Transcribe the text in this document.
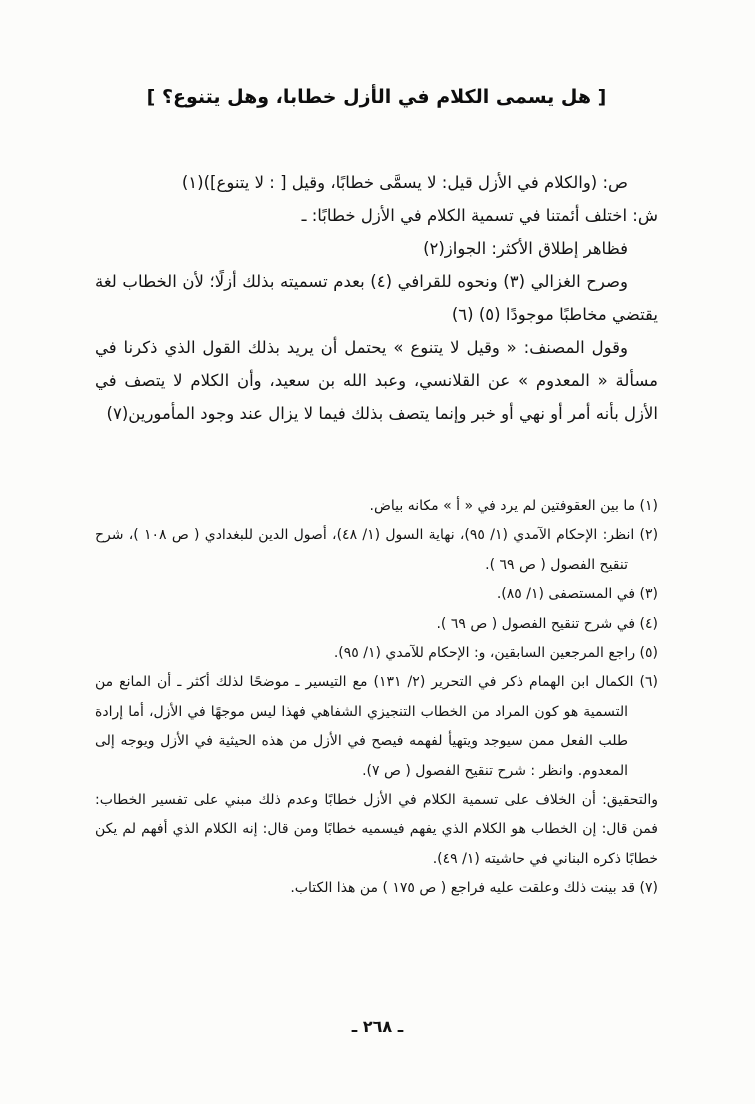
[ هل يسمى الكلام في الأزل خطابا، وهل يتنوع؟ ]

ص: (والكلام في الأزل قيل: لا يسمَّى خطابًا، وقيل [ : لا يتنوع])(١)

ش: اختلف أئمتنا في تسمية الكلام في الأزل خطابًا: ـ

فظاهر إطلاق الأكثر: الجواز(٢)

وصرح الغزالي (٣) ونحوه للقرافي (٤) بعدم تسميته بذلك أزلًا؛ لأن الخطاب لغة يقتضي مخاطبًا موجودًا (٥) (٦)

وقول المصنف: « وقيل لا يتنوع » يحتمل أن يريد بذلك القول الذي ذكرنا في مسألة « المعدوم » عن القلانسي، وعبد الله بن سعيد، وأن الكلام لا يتصف في الأزل بأنه أمر أو نهي أو خبر وإنما يتصف بذلك فيما لا يزال عند وجود المأمورين(٧)

(١) ما بين العقوفتين لم يرد في « أ » مكانه بياض.

(٢) انظر: الإحكام الآمدي (١/ ٩٥)، نهاية السول (١/ ٤٨)، أصول الدين للبغدادي ( ص ١٠٨ )، شرح تنقيح الفصول ( ص ٦٩ ).

(٣) في المستصفى (١/ ٨٥).

(٤) في شرح تنقيح الفصول ( ص ٦٩ ).

(٥) راجع المرجعين السابقين، و: الإحكام للآمدي (١/ ٩٥).

(٦) الكمال ابن الهمام ذكر في التحرير (٢/ ١٣١) مع التيسير ـ موضحًا لذلك أكثر ـ أن المانع من التسمية هو كون المراد من الخطاب التنجيزي الشفاهي فهذا ليس موجهًا في الأزل، أما إرادة طلب الفعل ممن سيوجد ويتهيأ لفهمه فيصح في الأزل من هذه الحيثية في الأزل ويوجه إلى المعدوم. وانظر : شرح تنقيح الفصول ( ص ٧).

والتحقيق: أن الخلاف على تسمية الكلام في الأزل خطابًا وعدم ذلك مبني على تفسير الخطاب: فمن قال: إن الخطاب هو الكلام الذي يفهم فيسميه خطابًا ومن قال: إنه الكلام الذي أفهم لم يكن خطابًا ذكره البناني في حاشيته (١/ ٤٩).

(٧) قد بينت ذلك وعلقت عليه فراجع ( ص ١٧٥ ) من هذا الكتاب.

ـ ٢٦٨ ـ
